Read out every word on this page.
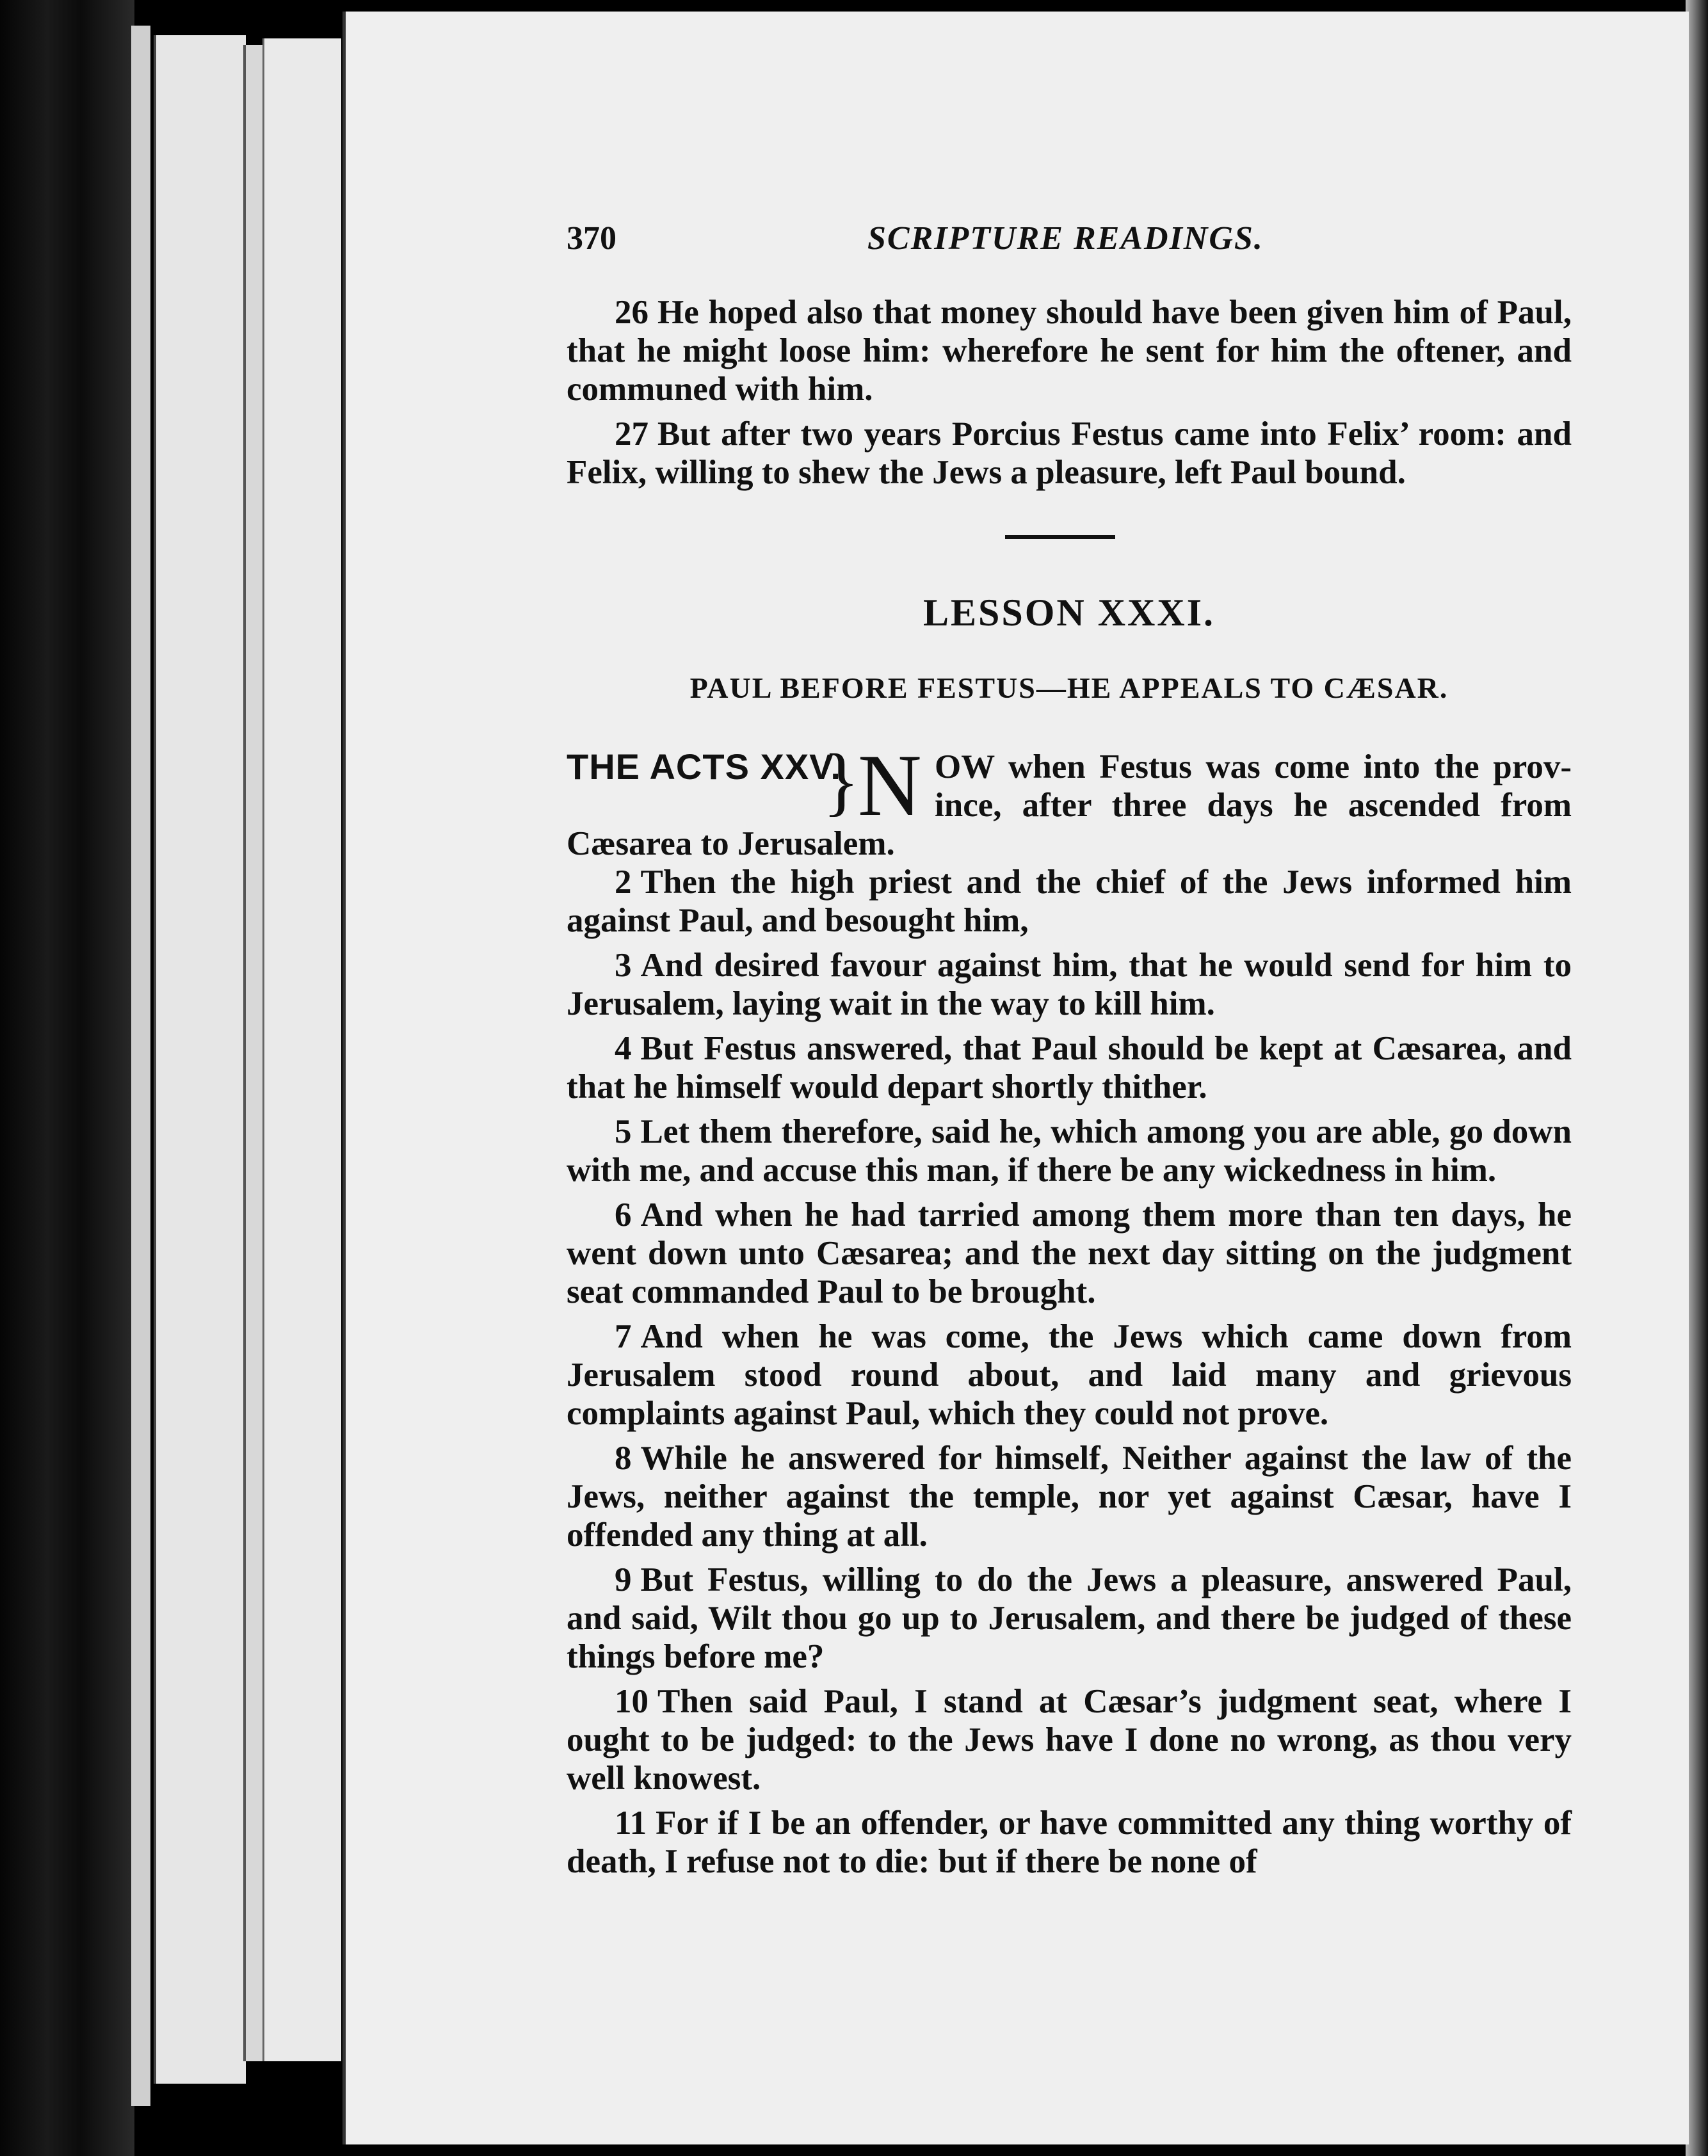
370	SCRIPTURE READINGS.

26 He hoped also that money should have been given him of Paul, that he might loose him: wherefore he sent for him the oftener, and communed with him.

27 But after two years Porcius Festus came into Felix’ room: and Felix, willing to shew the Jews a pleasure, left Paul bound.

LESSON XXXI.
PAUL BEFORE FESTUS—HE APPEALS TO CÆSAR.
THE ACTS XXV.
}
N OW when Festus was come into the prov-
ince, after three days he ascended from
Cæsarea to Jerusalem.

2 Then the high priest and the chief of the Jews informed him against Paul, and besought him,

3 And desired favour against him, that he would send for him to Jerusalem, laying wait in the way to kill him.

4 But Festus answered, that Paul should be kept at Cæsarea, and that he himself would depart shortly thither.

5 Let them therefore, said he, which among you are able, go down with me, and accuse this man, if there be any wickedness in him.

6 And when he had tarried among them more than ten days, he went down unto Cæsarea; and the next day sitting on the judgment seat commanded Paul to be brought.

7 And when he was come, the Jews which came down from Jerusalem stood round about, and laid many and grievous complaints against Paul, which they could not prove.

8 While he answered for himself, Neither against the law of the Jews, neither against the temple, nor yet against Cæsar, have I offended any thing at all.

9 But Festus, willing to do the Jews a pleasure, answered Paul, and said, Wilt thou go up to Jerusalem, and there be judged of these things before me?

10 Then said Paul, I stand at Cæsar’s judgment seat, where I ought to be judged: to the Jews have I done no wrong, as thou very well knowest.

11 For if I be an offender, or have committed any thing worthy of death, I refuse not to die: but if there be none of
